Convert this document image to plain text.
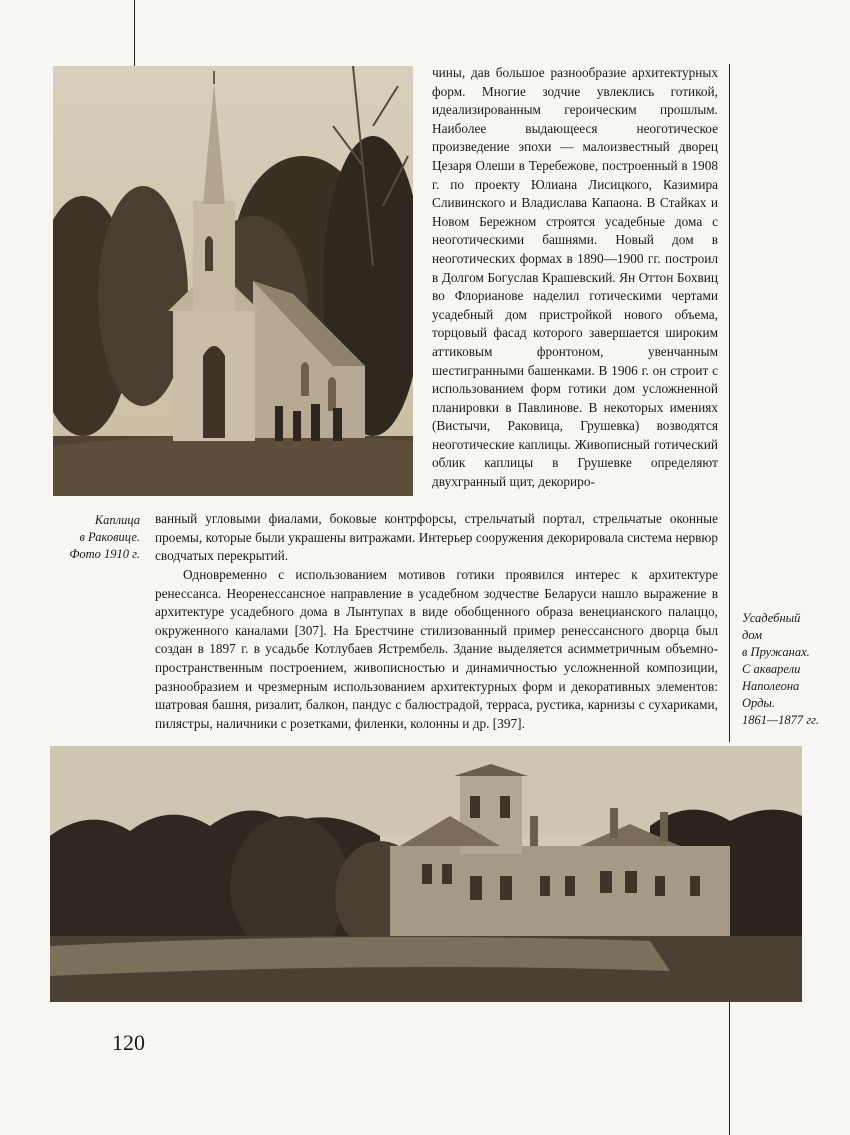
чины, дав большое разнообразие архитектурных форм. Многие зодчие увлеклись готикой, идеализированным героическим прошлым. Наиболее выдающееся неоготическое произведение эпохи — малоизвестный дворец Цезаря Олеши в Теребежове, построенный в 1908 г. по проекту Юлиана Лисицкого, Казимира Сливинского и Владислава Капаона. В Стайках и Новом Бережном строятся усадебные дома с неоготическими башнями. Новый дом в неоготических формах в 1890—1900 гг. построил в Долгом Богуслав Крашевский. Ян Оттон Бохвиц во Флорианове наделил готическими чертами усадебный дом пристройкой нового объема, торцовый фасад которого завершается широким аттиковым фронтоном, увенчанным шестигранными башенками. В 1906 г. он строит с использованием форм готики дом усложненной планировки в Павлинове. В некоторых имениях (Вистычи, Раковица, Грушевка) возводятся неоготические каплицы. Живописный готический облик каплицы в Грушевке определяют двухгранный щит, декориро-

Каплица
в Раковице.
Фото 1910 г.

ванный угловыми фиалами, боковые контрфорсы, стрельчатый портал, стрельчатые оконные проемы, которые были украшены витражами. Интерьер сооружения декорировала система нервюр сводчатых перекрытий.

Одновременно с использованием мотивов готики проявился интерес к архитектуре ренессанса. Неоренессансное направление в усадебном зодчестве Беларуси нашло выражение в архитектуре усадебного дома в Лынтупах в виде обобщенного образа венецианского палаццо, окруженного каналами [307]. На Брестчине стилизованный пример ренессансного дворца был создан в 1897 г. в усадьбе Котлубаев Ястрембель. Здание выделяется асимметричным объемно-пространственным построением, живописностью и динамичностью усложненной композиции, разнообразием и чрезмерным использованием архитектурных форм и декоративных элементов: шатровая башня, ризалит, балкон, пандус с балюстрадой, терраса, рустика, карнизы с сухариками, пилястры, наличники с розетками, филенки, колонны и др. [397].

Усадебный
дом
в Пружанах.
С акварели
Наполеона
Орды.
1861—1877 гг.

120
